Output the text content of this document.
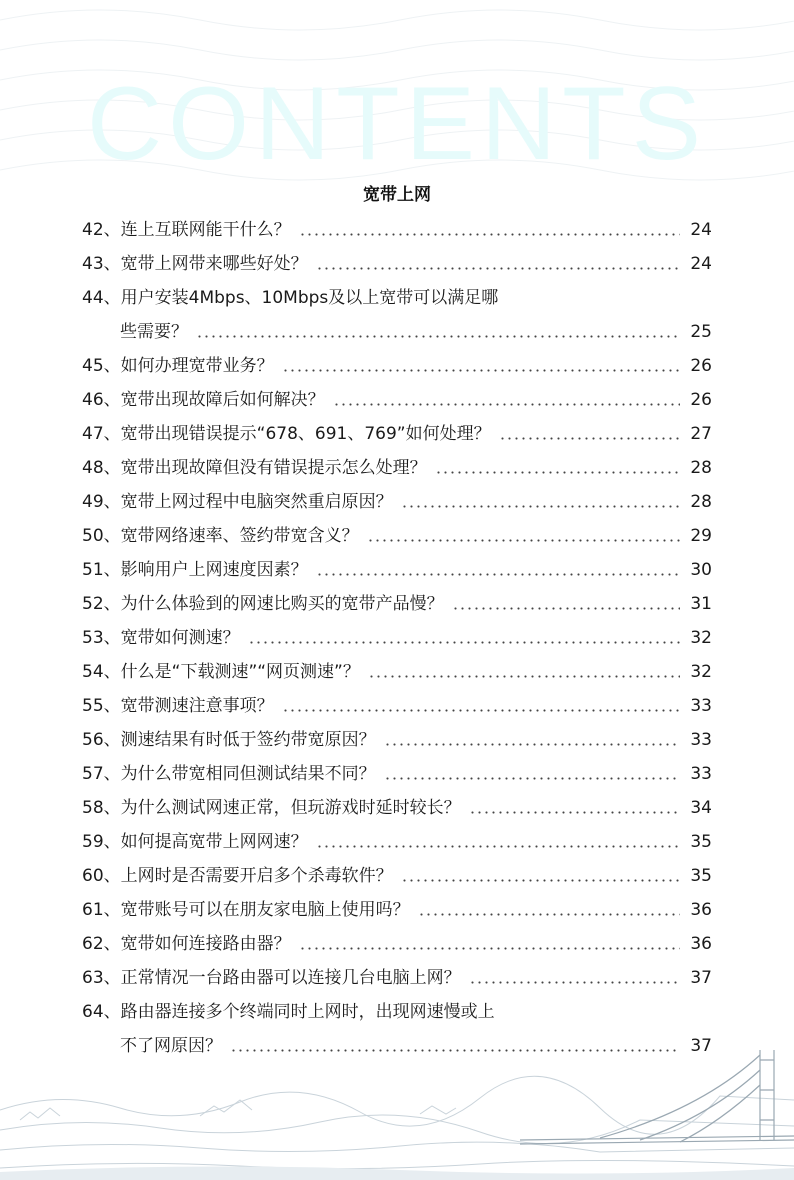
CONTENTS
宽带上网
42、连上互联网能干什么？	24
43、宽带上网带来哪些好处？	24
44、用户安装4Mbps、10Mbps及以上宽带可以满足哪
些需要？	25
45、如何办理宽带业务？	26
46、宽带出现故障后如何解决？	26
47、宽带出现错误提示“678、691、769”如何处理？	27
48、宽带出现故障但没有错误提示怎么处理？	28
49、宽带上网过程中电脑突然重启原因？	28
50、宽带网络速率、签约带宽含义？	29
51、影响用户上网速度因素？	30
52、为什么体验到的网速比购买的宽带产品慢？	31
53、宽带如何测速？	32
54、什么是“下载测速”“网页测速”？	32
55、宽带测速注意事项？	33
56、测速结果有时低于签约带宽原因？	33
57、为什么带宽相同但测试结果不同？	33
58、为什么测试网速正常，但玩游戏时延时较长？	34
59、如何提高宽带上网网速？	35
60、上网时是否需要开启多个杀毒软件？	35
61、宽带账号可以在朋友家电脑上使用吗？	36
62、宽带如何连接路由器？	36
63、正常情况一台路由器可以连接几台电脑上网？	37
64、路由器连接多个终端同时上网时，出现网速慢或上
不了网原因？	37
